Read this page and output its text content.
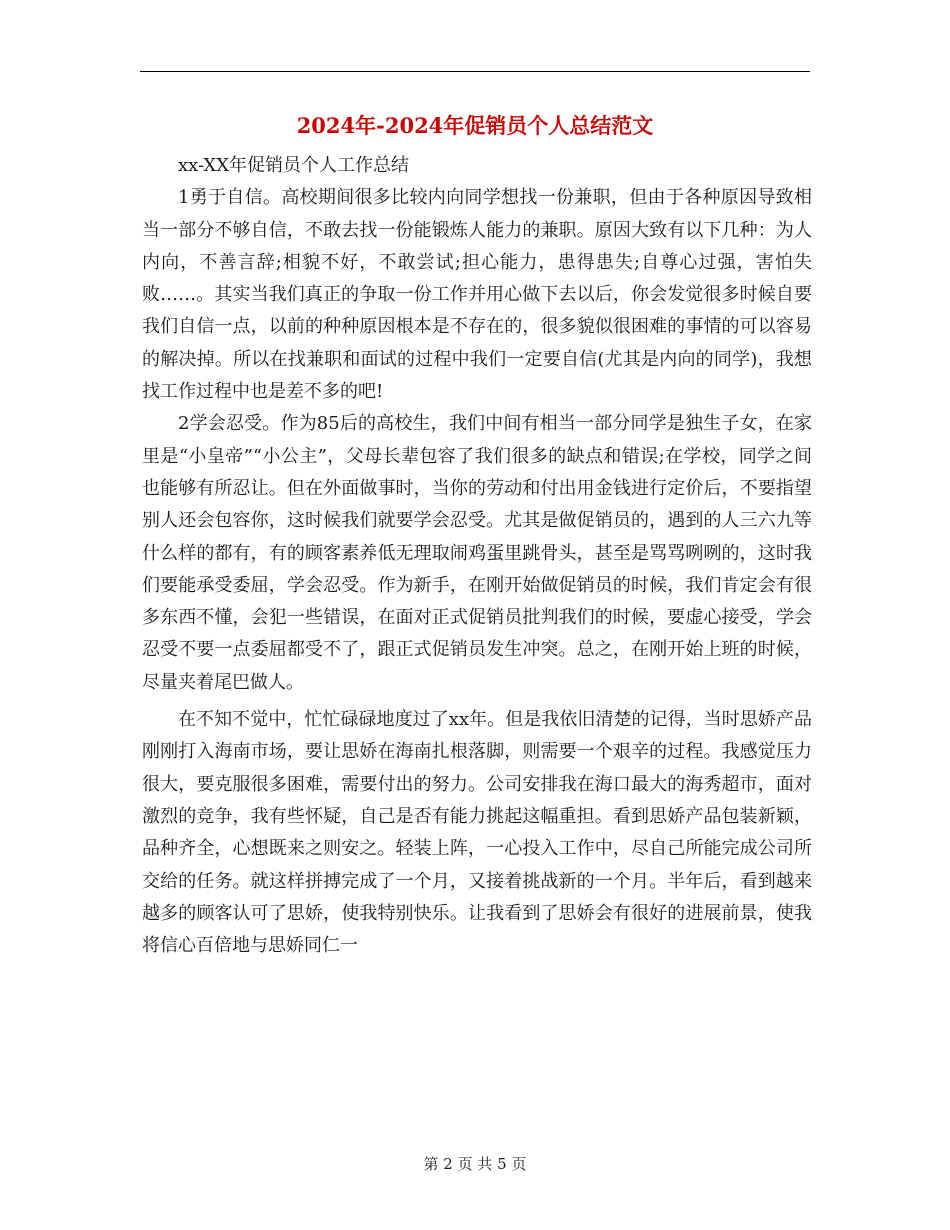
2024年-2024年促销员个人总结范文

xx-XX年促销员个人工作总结

1勇于自信。高校期间很多比较内向同学想找一份兼职，但由于各种原因导致相当一部分不够自信，不敢去找一份能锻炼人能力的兼职。原因大致有以下几种：为人内向，不善言辞;相貌不好，不敢尝试;担心能力，患得患失;自尊心过强，害怕失败……。其实当我们真正的争取一份工作并用心做下去以后，你会发觉很多时候自要我们自信一点，以前的种种原因根本是不存在的，很多貌似很困难的事情的可以容易的解决掉。所以在找兼职和面试的过程中我们一定要自信(尤其是内向的同学)，我想找工作过程中也是差不多的吧!

2学会忍受。作为85后的高校生，我们中间有相当一部分同学是独生子女，在家里是“小皇帝”“小公主”，父母长辈包容了我们很多的缺点和错误;在学校，同学之间也能够有所忍让。但在外面做事时，当你的劳动和付出用金钱进行定价后，不要指望别人还会包容你，这时候我们就要学会忍受。尤其是做促销员的，遇到的人三六九等什么样的都有，有的顾客素养低无理取闹鸡蛋里跳骨头，甚至是骂骂咧咧的，这时我们要能承受委屈，学会忍受。作为新手，在刚开始做促销员的时候，我们肯定会有很多东西不懂，会犯一些错误，在面对正式促销员批判我们的时候，要虚心接受，学会忍受不要一点委屈都受不了，跟正式促销员发生冲突。总之，在刚开始上班的时候，尽量夹着尾巴做人。

在不知不觉中，忙忙碌碌地度过了xx年。但是我依旧清楚的记得，当时思娇产品刚刚打入海南市场，要让思娇在海南扎根落脚，则需要一个艰辛的过程。我感觉压力很大，要克服很多困难，需要付出的努力。公司安排我在海口最大的海秀超市，面对激烈的竞争，我有些怀疑，自己是否有能力挑起这幅重担。看到思娇产品包装新颖，品种齐全，心想既来之则安之。轻装上阵，一心投入工作中，尽自己所能完成公司所交给的任务。就这样拼搏完成了一个月，又接着挑战新的一个月。半年后，看到越来越多的顾客认可了思娇，使我特别快乐。让我看到了思娇会有很好的进展前景，使我将信心百倍地与思娇同仁一

第 2 页 共 5 页
